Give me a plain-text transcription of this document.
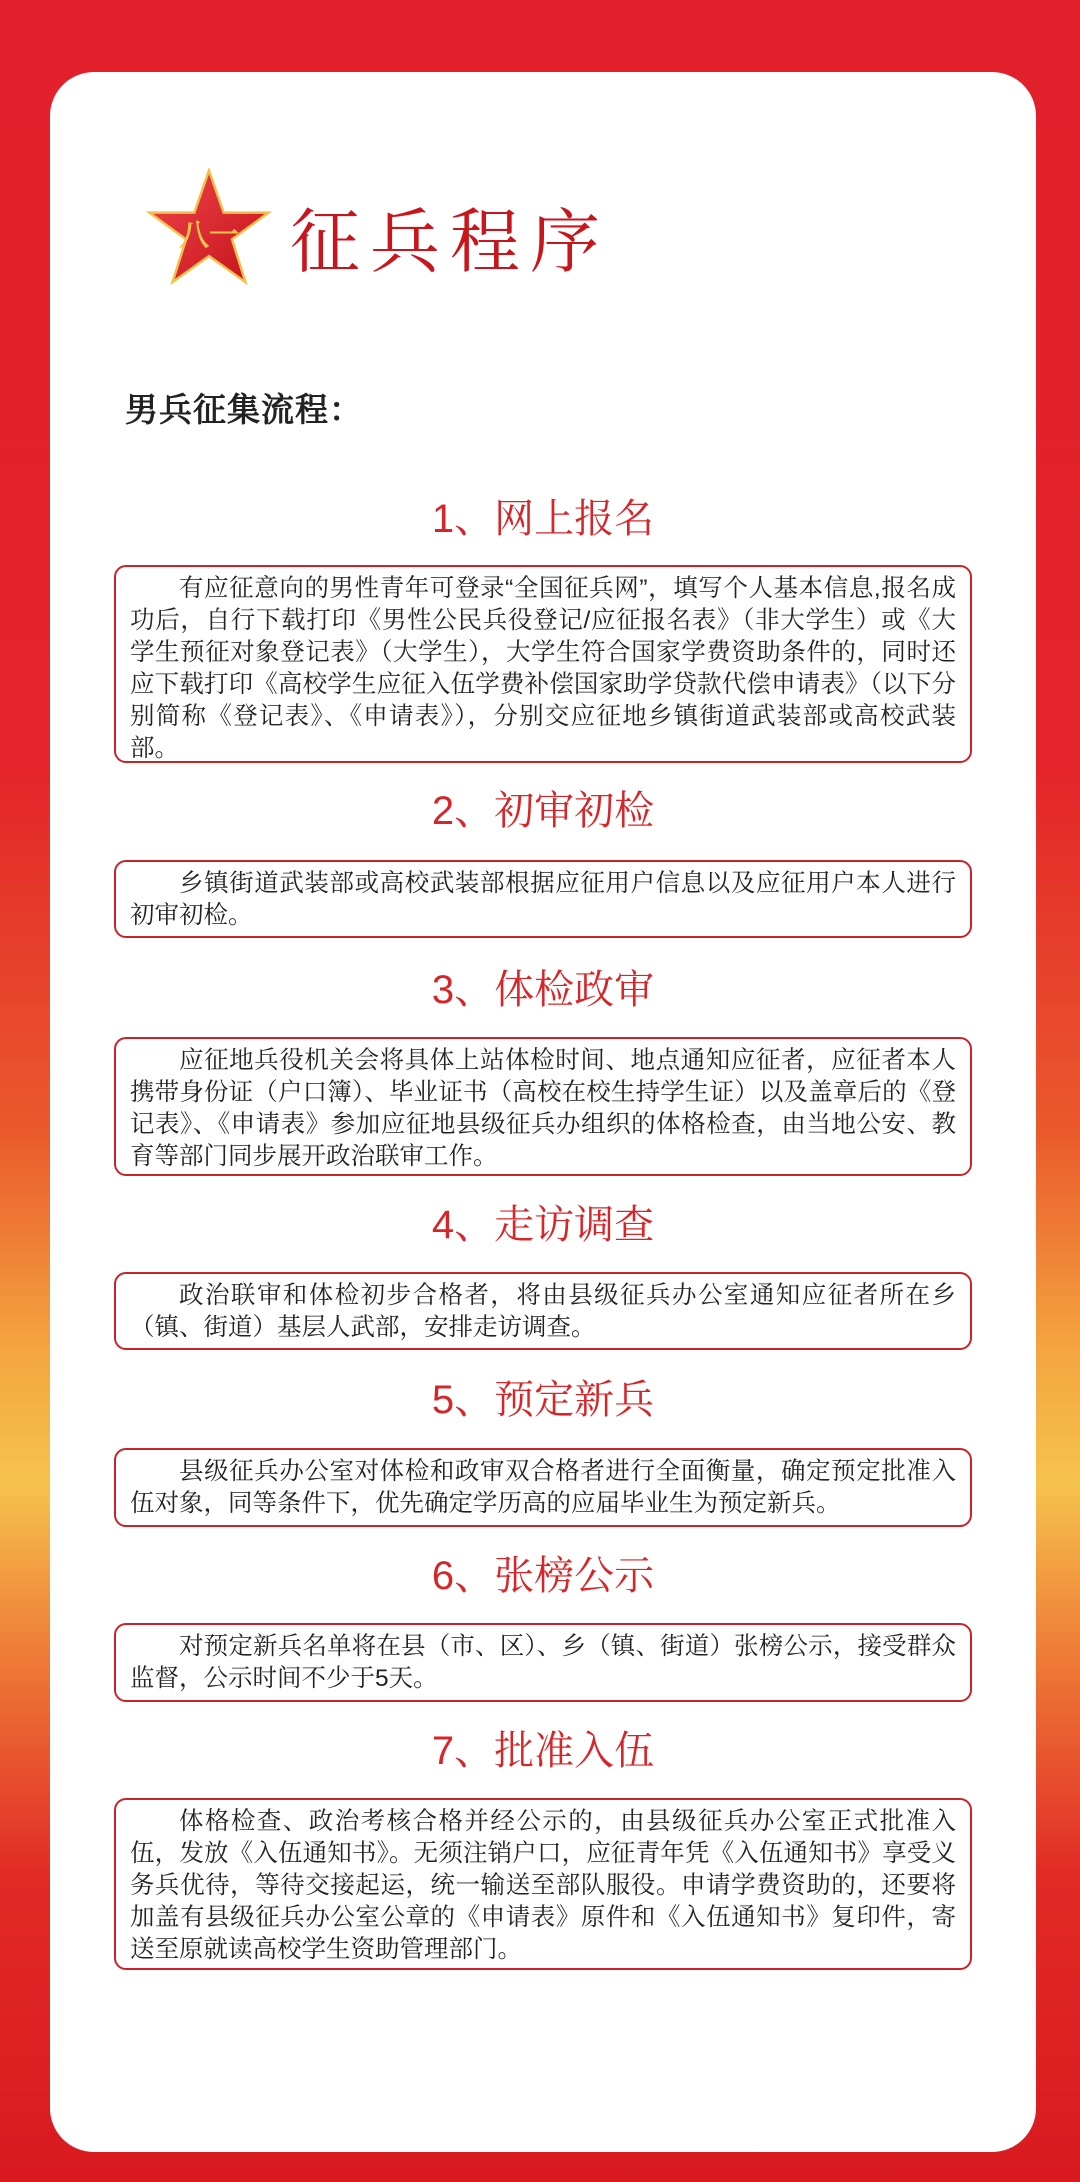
八一 征兵程序
男兵征集流程：
1、网上报名
有应征意向的男性青年可登录“全国征兵网”，填写个人基本信息,报名成功后，自行下载打印《男性公民兵役登记/应征报名表》（非大学生）或《大学生预征对象登记表》（大学生），大学生符合国家学费资助条件的，同时还应下载打印《高校学生应征入伍学费补偿国家助学贷款代偿申请表》（以下分别简称《登记表》、《申请表》），分别交应征地乡镇街道武装部或高校武装部。
2、初审初检
乡镇街道武装部或高校武装部根据应征用户信息以及应征用户本人进行初审初检。
3、体检政审
应征地兵役机关会将具体上站体检时间、地点通知应征者，应征者本人携带身份证（户口簿）、毕业证书（高校在校生持学生证）以及盖章后的《登记表》、《申请表》参加应征地县级征兵办组织的体格检查，由当地公安、教育等部门同步展开政治联审工作。
4、走访调查
政治联审和体检初步合格者，将由县级征兵办公室通知应征者所在乡（镇、街道）基层人武部，安排走访调查。
5、预定新兵
县级征兵办公室对体检和政审双合格者进行全面衡量，确定预定批准入伍对象，同等条件下，优先确定学历高的应届毕业生为预定新兵。
6、张榜公示
对预定新兵名单将在县（市、区）、乡（镇、街道）张榜公示，接受群众监督，公示时间不少于5天。
7、批准入伍
体格检查、政治考核合格并经公示的，由县级征兵办公室正式批准入伍，发放《入伍通知书》。无须注销户口，应征青年凭《入伍通知书》享受义务兵优待，等待交接起运，统一输送至部队服役。申请学费资助的，还要将加盖有县级征兵办公室公章的《申请表》原件和《入伍通知书》复印件，寄送至原就读高校学生资助管理部门。
